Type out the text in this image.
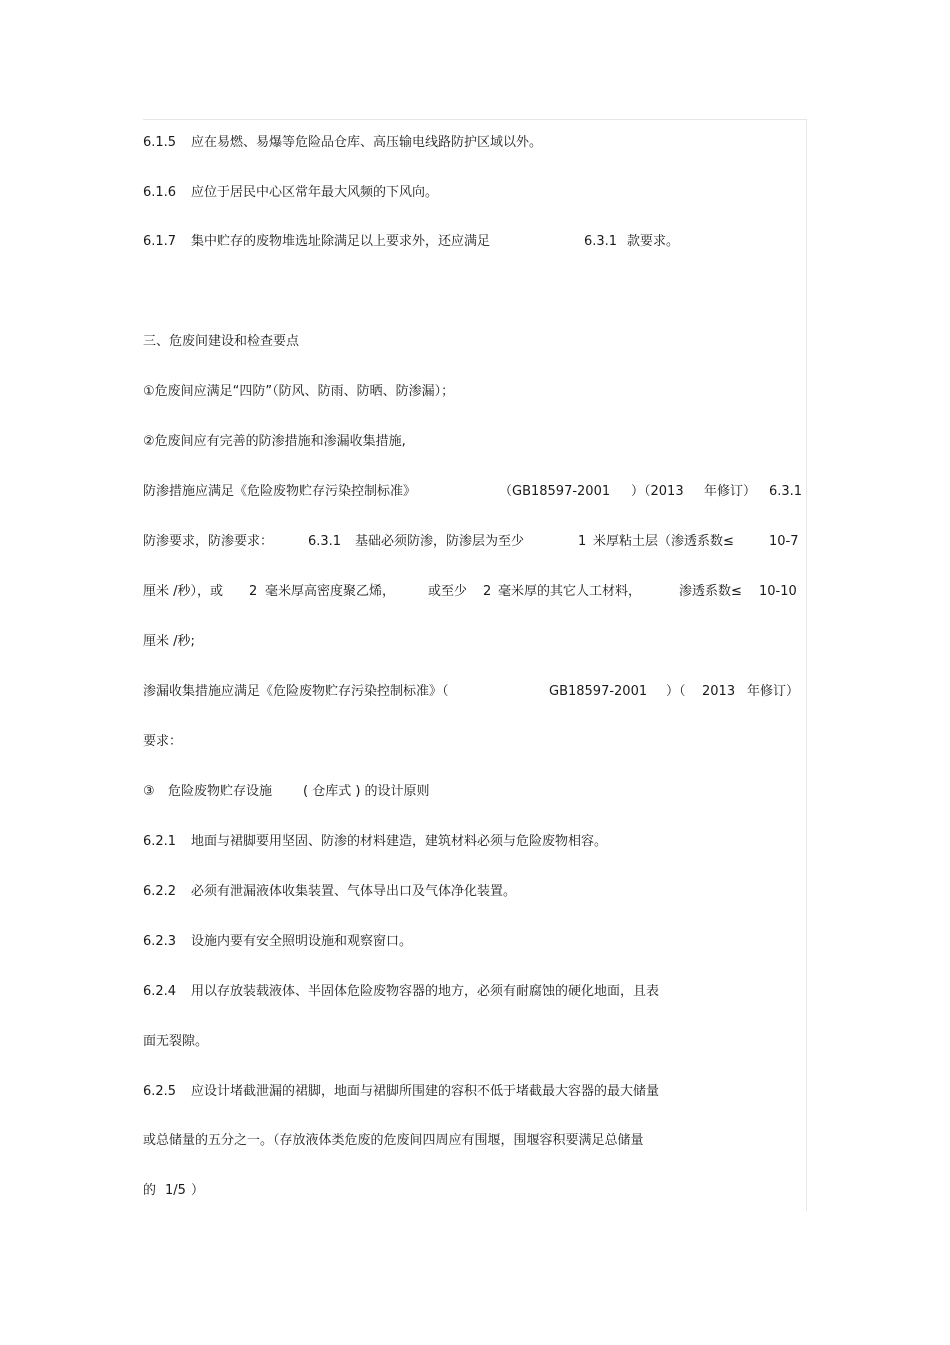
6.1.5 应在易燃、易爆等危险品仓库、高压输电线路防护区域以外。
6.1.6 应位于居民中心区常年最大风频的下风向。
6.1.7 集中贮存的废物堆选址除满足以上要求外，还应满足	6.3.1 款要求。
三、危废间建设和检查要点
①危废间应满足“四防”（防风、防雨、防晒、防渗漏）；
②危废间应有完善的防渗措施和渗漏收集措施,
防渗措施应满足《危险废物贮存污染控制标准》	（GB18597-2001 ）（2013 年修订） 6.3.1
防渗要求，防渗要求：	6.3.1 基础必须防渗，防渗层为至少	1 米厚粘土层（渗透系数≤	10-7
厘米 /秒），或 2 毫米厚高密度聚乙烯，	或至少 2 毫米厚的其它人工材料，	渗透系数≤ 10-10
厘米 /秒;
渗漏收集措施应满足《危险废物贮存污染控制标准》（	GB18597-2001 ）（ 2013 年修订）
要求：
③ 危险废物贮存设施 ( 仓库式 ) 的设计原则
6.2.1 地面与裙脚要用坚固、防渗的材料建造，建筑材料必须与危险废物相容。
6.2.2 必须有泄漏液体收集装置、气体导出口及气体净化装置。
6.2.3 设施内要有安全照明设施和观察窗口。
6.2.4 用以存放装载液体、半固体危险废物容器的地方，必须有耐腐蚀的硬化地面，且表
面无裂隙。
6.2.5 应设计堵截泄漏的裙脚，地面与裙脚所围建的容积不低于堵截最大容器的最大储量
或总储量的五分之一。（存放液体类危废的危废间四周应有围堰，围堰容积要满足总储量
的 1/5 ）
